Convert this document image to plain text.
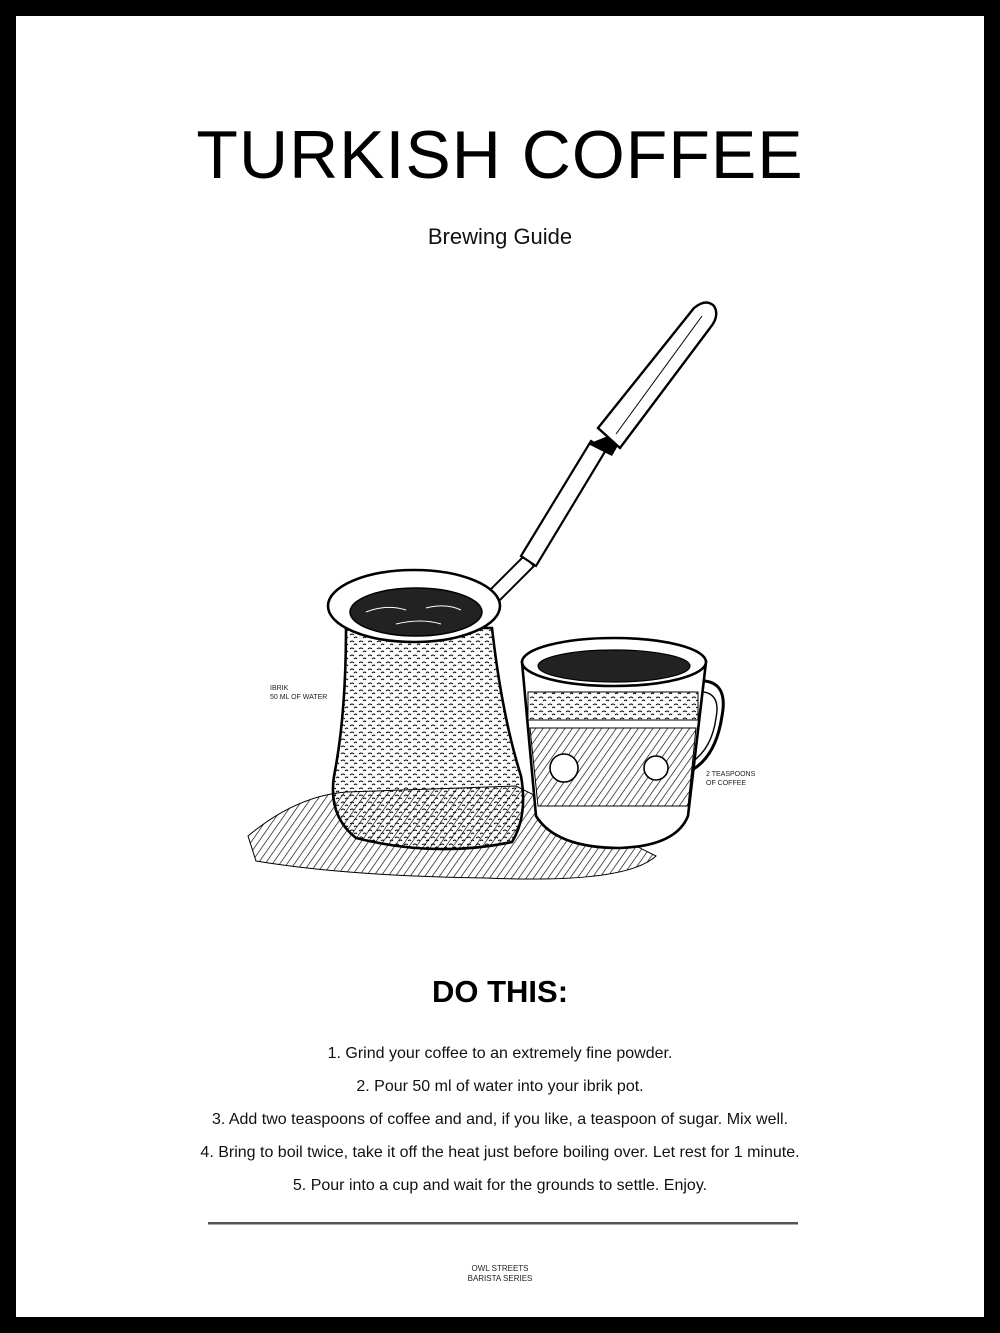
TURKISH COFFEE
Brewing Guide
IBRIK
50 ML OF WATER
2 TEASPOONS
OF COFFEE
DO THIS:
1. Grind your coffee to an extremely fine powder.
2. Pour 50 ml of water into your ibrik pot.
3. Add two teaspoons of coffee and and, if you like, a teaspoon of sugar. Mix well.
4. Bring to boil twice, take it off the heat just before boiling over. Let rest for 1 minute.
5. Pour into a cup and wait for the grounds to settle. Enjoy.
OWL STREETS
BARISTA SERIES
